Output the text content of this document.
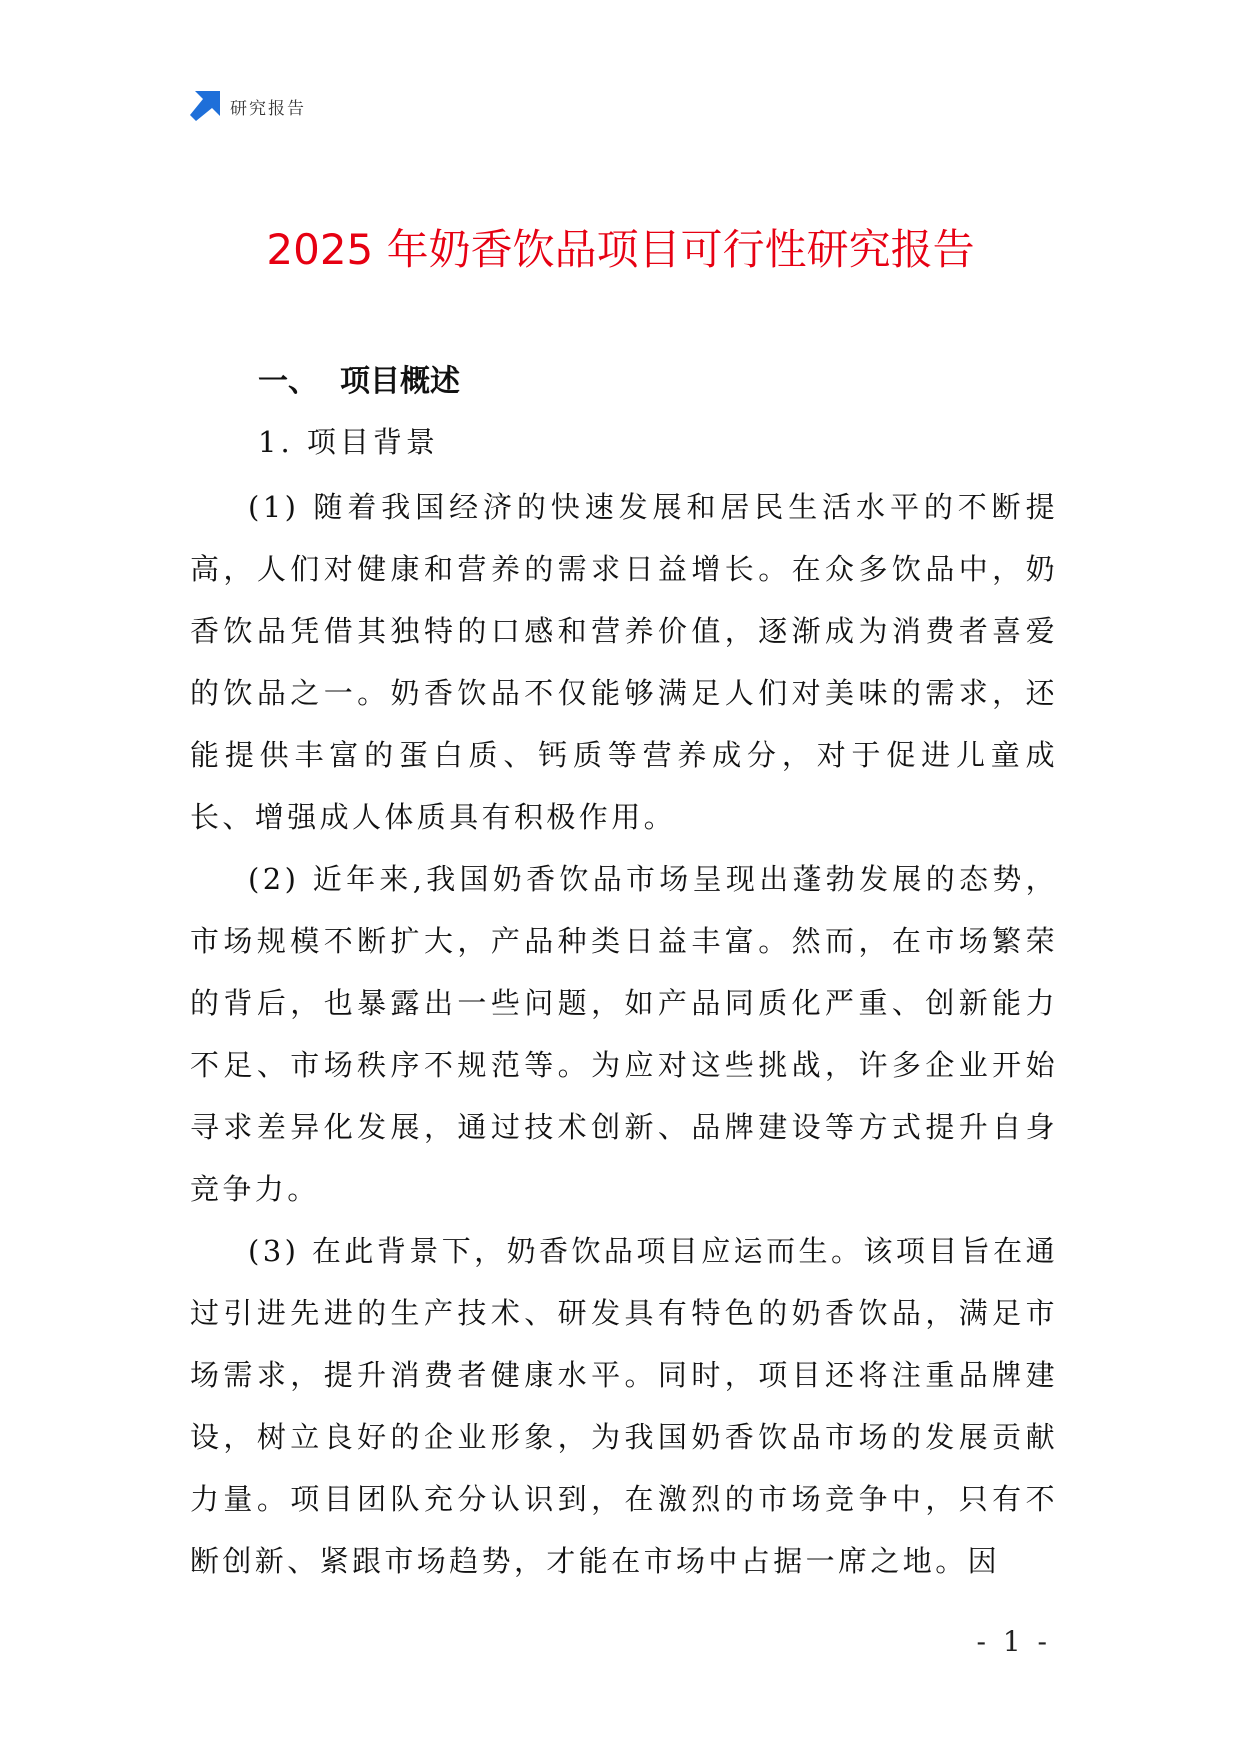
研究报告
2025 年奶香饮品项目可行性研究报告
一、 项目概述
1. 项目背景

(1) 随着我国经济的快速发展和居民生活水平的不断提高，人们对健康和营养的需求日益增长。在众多饮品中，奶香饮品凭借其独特的口感和营养价值，逐渐成为消费者喜爱的饮品之一。奶香饮品不仅能够满足人们对美味的需求，还能提供丰富的蛋白质、钙质等营养成分，对于促进儿童成长、增强成人体质具有积极作用。

(2) 近年来,我国奶香饮品市场呈现出蓬勃发展的态势，市场规模不断扩大，产品种类日益丰富。然而，在市场繁荣的背后，也暴露出一些问题，如产品同质化严重、创新能力不足、市场秩序不规范等。为应对这些挑战，许多企业开始寻求差异化发展，通过技术创新、品牌建设等方式提升自身竞争力。

(3) 在此背景下，奶香饮品项目应运而生。该项目旨在通过引进先进的生产技术、研发具有特色的奶香饮品，满足市场需求，提升消费者健康水平。同时，项目还将注重品牌建设，树立良好的企业形象，为我国奶香饮品市场的发展贡献力量。项目团队充分认识到，在激烈的市场竞争中，只有不断创新、紧跟市场趋势，才能在市场中占据一席之地。因

- 1 -
